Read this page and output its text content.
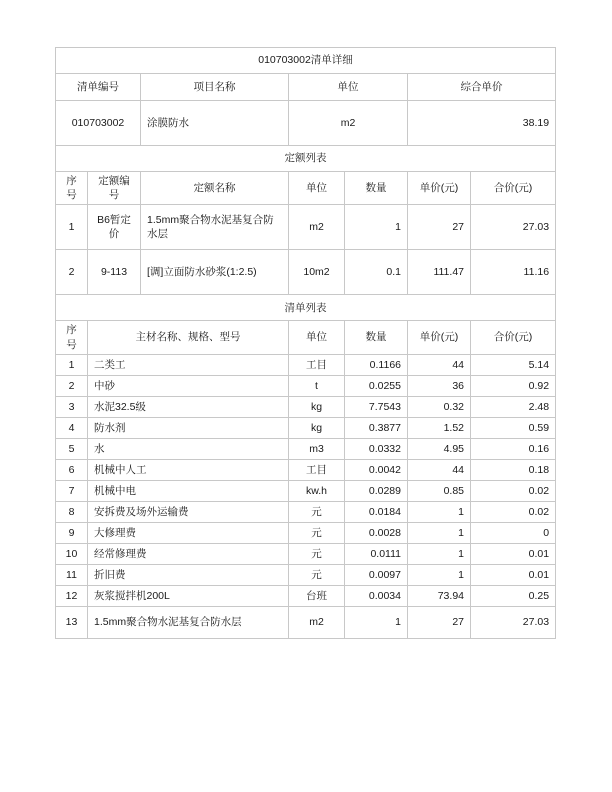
010703002清单详细						
清单编号		项目名称	单位		综合单价	
010703002		涂膜防水	m2		38.19	
定额列表						
序号	定额编号	定额名称	单位	数量	单价(元)	合价(元)
1	B6暂定价	1.5mm聚合物水泥基复合防水层	m2	1	27	27.03
2	9-113	[调]立面防水砂浆(1:2.5)	10m2	0.1	111.47	11.16
清单列表						
序号	主材名称、规格、型号		单位	数量	单价(元)	合价(元)
1	二类工		工目	0.1166	44	5.14
2	中砂		t	0.0255	36	0.92
3	水泥32.5级		kg	7.7543	0.32	2.48
4	防水剂		kg	0.3877	1.52	0.59
5	水		m3	0.0332	4.95	0.16
6	机械中人工		工目	0.0042	44	0.18
7	机械中电		kw.h	0.0289	0.85	0.02
8	安拆费及场外运输费		元	0.0184	1	0.02
9	大修理费		元	0.0028	1	0
10	经常修理费		元	0.0111	1	0.01
11	折旧费		元	0.0097	1	0.01
12	灰浆搅拌机200L		台班	0.0034	73.94	0.25
13	1.5mm聚合物水泥基复合防水层		m2	1	27	27.03
